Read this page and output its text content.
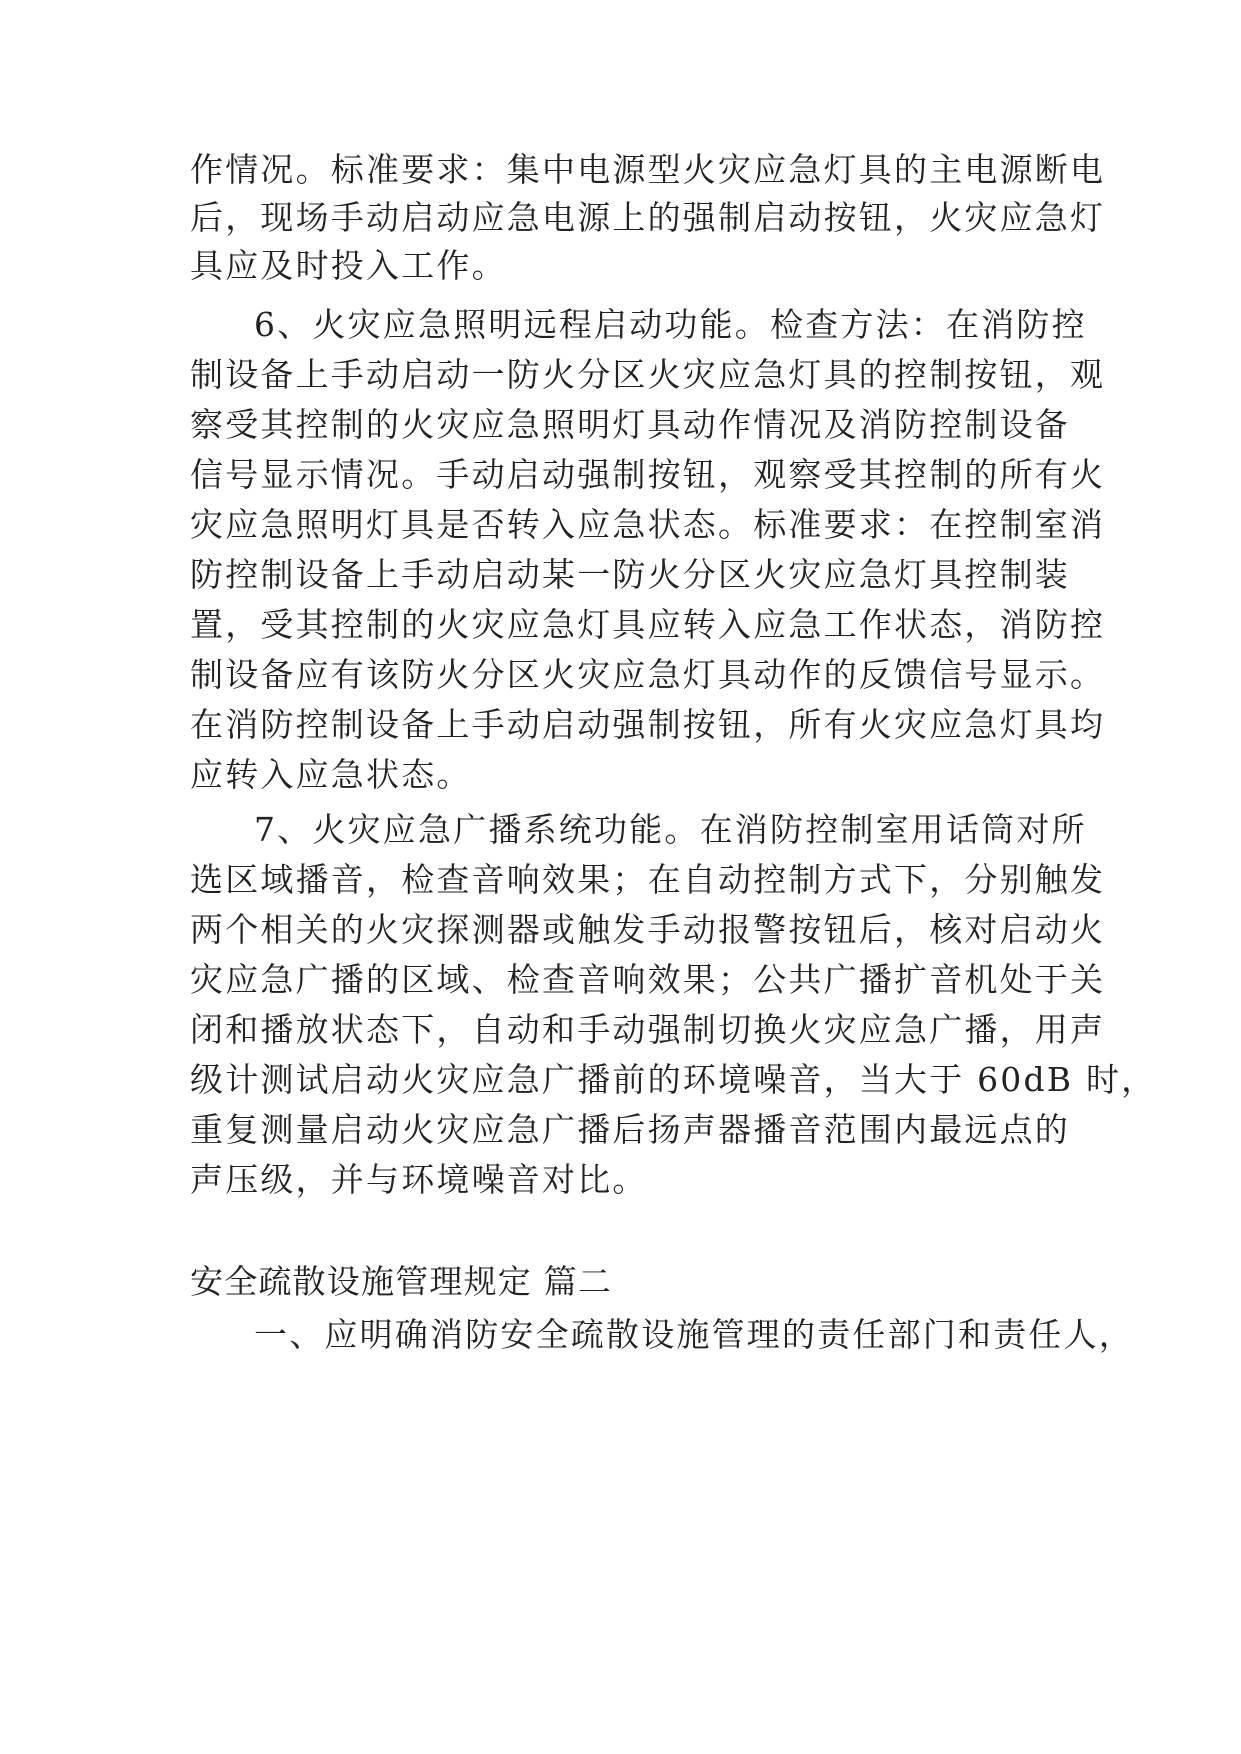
作情况。标准要求：集中电源型火灾应急灯具的主电源断电
后，现场手动启动应急电源上的强制启动按钮，火灾应急灯
具应及时投入工作。
6、火灾应急照明远程启动功能。检查方法：在消防控
制设备上手动启动一防火分区火灾应急灯具的控制按钮，观
察受其控制的火灾应急照明灯具动作情况及消防控制设备
信号显示情况。手动启动强制按钮，观察受其控制的所有火
灾应急照明灯具是否转入应急状态。标准要求：在控制室消
防控制设备上手动启动某一防火分区火灾应急灯具控制装
置，受其控制的火灾应急灯具应转入应急工作状态，消防控
制设备应有该防火分区火灾应急灯具动作的反馈信号显示。
在消防控制设备上手动启动强制按钮，所有火灾应急灯具均
应转入应急状态。
7、火灾应急广播系统功能。在消防控制室用话筒对所
选区域播音，检查音响效果；在自动控制方式下，分别触发
两个相关的火灾探测器或触发手动报警按钮后，核对启动火
灾应急广播的区域、检查音响效果；公共广播扩音机处于关
闭和播放状态下，自动和手动强制切换火灾应急广播，用声
级计测试启动火灾应急广播前的环境噪音，当大于 60dB 时，
重复测量启动火灾应急广播后扬声器播音范围内最远点的
声压级，并与环境噪音对比。
安全疏散设施管理规定 篇二
一、应明确消防安全疏散设施管理的责任部门和责任人，
